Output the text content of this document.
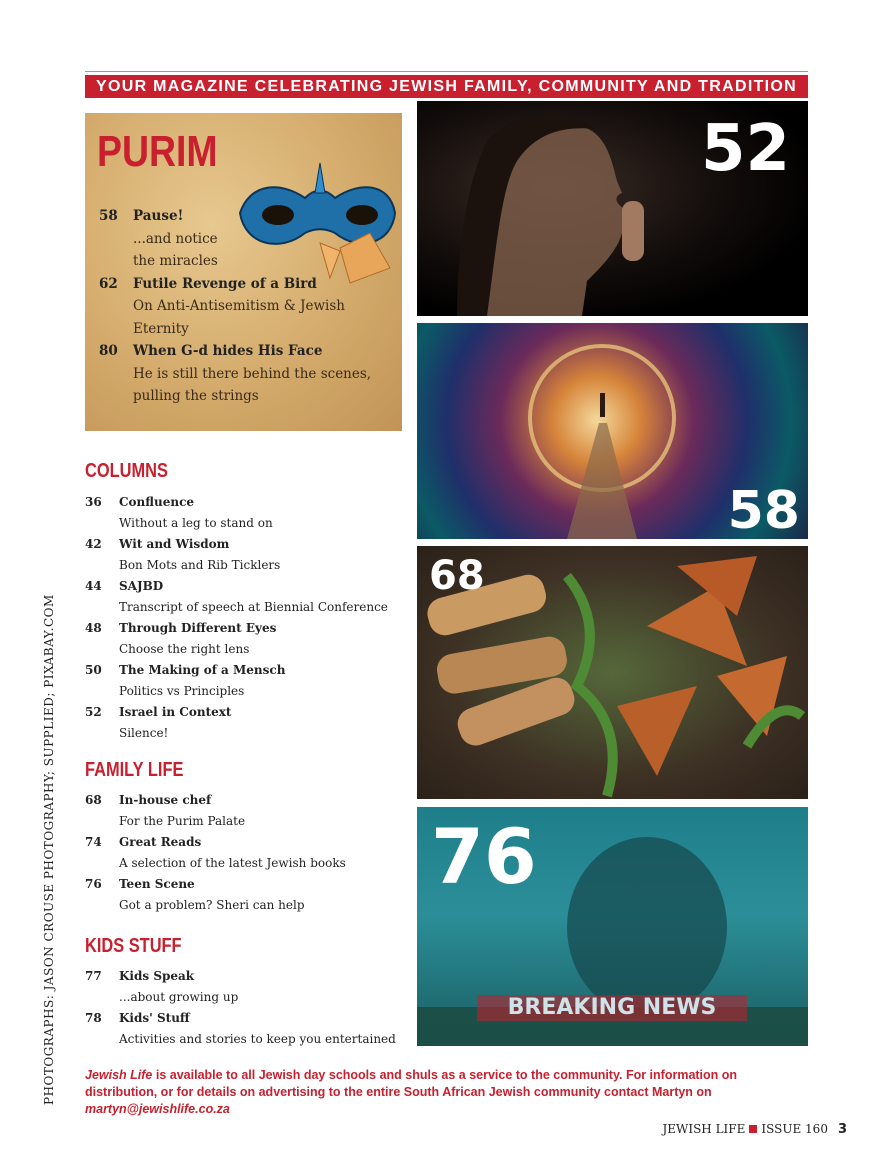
YOUR MAGAZINE CELEBRATING JEWISH FAMILY, COMMUNITY AND TRADITION
PURIM
58 Pause!
...and notice
the miracles
62 Futile Revenge of a Bird
On Anti-Antisemitism & Jewish
Eternity
80 When G-d hides His Face
He is still there behind the scenes,
pulling the strings
COLUMNS
36 Confluence
Without a leg to stand on
42 Wit and Wisdom
Bon Mots and Rib Ticklers
44 SAJBD
Transcript of speech at Biennial Conference
48 Through Different Eyes
Choose the right lens
50 The Making of a Mensch
Politics vs Principles
52 Israel in Context
Silence!
FAMILY LIFE
68 In-house chef
For the Purim Palate
74 Great Reads
A selection of the latest Jewish books
76 Teen Scene
Got a problem? Sheri can help
KIDS STUFF
77 Kids Speak
...about growing up
78 Kids' Stuff
Activities and stories to keep you entertained
52
58
68
76
BREAKING NEWS

Jewish Life is available to all Jewish day schools and shuls as a service to the community. For information on distribution, or for details on advertising to the entire South African Jewish community contact Martyn on martyn@jewishlife.co.za

JEWISH LIFE ISSUE 160 3
PHOTOGRAPHS: JASON CROUSE PHOTOGRAPHY; SUPPLIED; PIXABAY.COM
